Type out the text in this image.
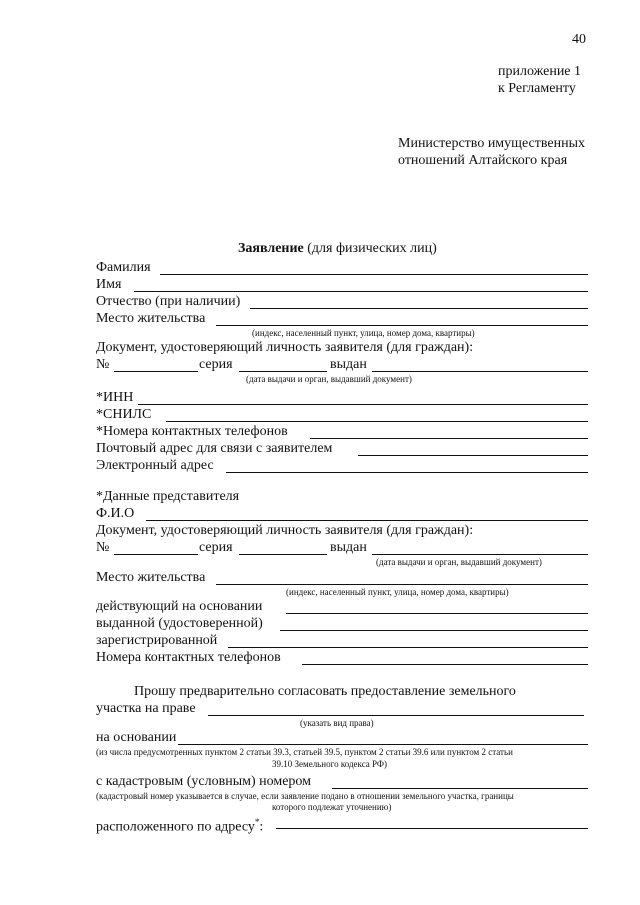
40
приложение 1
к Регламенту
Министерство имущественных
отношений Алтайского края
Заявление (для физических лиц)
Фамилия
Имя
Отчество (при наличии)
Место жительства
(индекс, населенный пункт, улица, номер дома, квартиры)
Документ, удостоверяющий личность заявителя (для граждан):
№	серия	выдан
(дата выдачи и орган, выдавший документ)
*ИНН
*СНИЛС
*Номера контактных телефонов
Почтовый адрес для связи с заявителем
Электронный адрес
*Данные представителя
Ф.И.О
Документ, удостоверяющий личность заявителя (для граждан):
№	серия	выдан
(дата выдачи и орган, выдавший документ)
Место жительства
(индекс, населенный пункт, улица, номер дома, квартиры)
действующий на основании
выданной (удостоверенной)
зарегистрированной
Номера контактных телефонов
Прошу предварительно согласовать предоставление земельного
участка на праве
(указать вид права)
на основании
(из числа предусмотренных пунктом 2 статьи 39.3, статьей 39.5, пунктом 2 статьи 39.6 или пунктом 2 статьи
39.10 Земельного кодекса РФ)
с кадастровым (условным) номером
(кадастровый номер указывается в случае, если заявление подано в отношении земельного участка, границы
которого подлежат уточнению)
расположенного по адресу*:
